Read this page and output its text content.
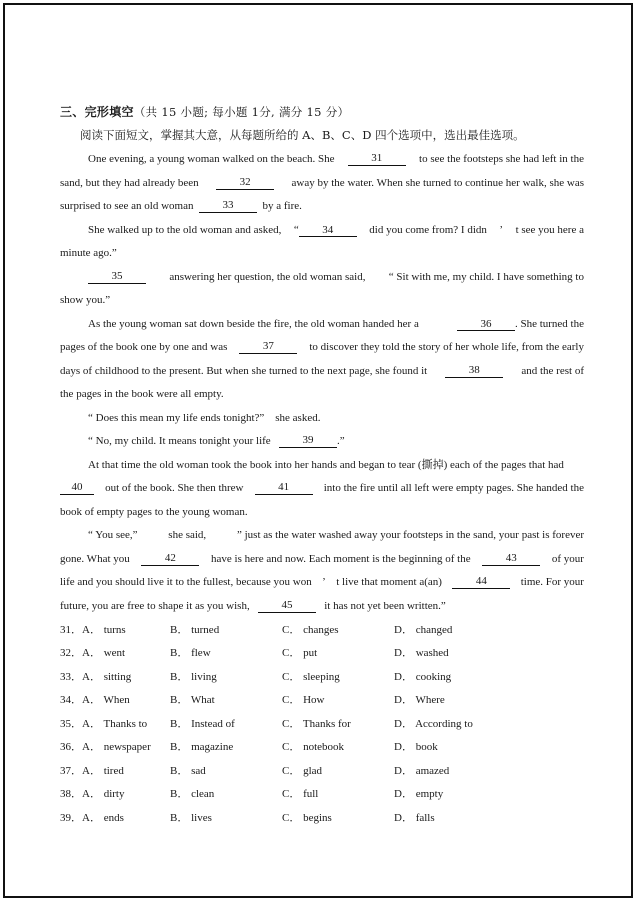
三、完形填空（共 15 小题; 每小题 1分, 满分 15 分）
阅读下面短文，掌握其大意，从每题所给的 A、B、C、D 四个选项中，选出最佳选项。
One evening, a young woman walked on the beach. She	31	to see the footsteps she had left in the
sand, but they had already been	32	away by the water. When she turned to continue her walk, she was
surprised to see an old woman
	33
	by a fire.
She walked up to the old woman and asked, “ 34	did you come from? I didn ’ t see you here a
minute ago.”
35	answering her question, the old woman said, “ Sit with me, my child. I have something to
show you.”
As the young woman sat down beside the fire, the old woman handed her a	36 . She turned the
pages of the book one by one and was	37	to discover they told the story of her whole life, from the early
days of childhood to the present. But when she turned to the next page, she found it	38	and the rest of
the pages in the book were all empty.
“ Does this mean my life ends tonight?”
she asked.
“ No, my child. It means tonight your life
	39	.”
At that time the old woman took the book into her hands and began to tear (撕掉) each of the pages that had
40	out of the book. She then threw	41	into the fire until all left were empty pages. She handed the
book of empty pages to the young woman.
“ You see,”	she said,	” just as the water washed away your footsteps in the sand, your past is forever
gone. What you	42	have is here and now. Each moment is the beginning of the	43	of your
life and you should live it to the fullest, because you won ’ t live that moment a(an)	44	time. For your
future, you are free to shape it as you wish,
	45
	it has not yet been written.”
31． A． turns	B． turned	C． changes	D． changed
32． A． went	B． flew	C． put	D． washed
33． A． sitting	B． living	C． sleeping	D． cooking
34． A． When	B． What	C． How	D． Where
35． A． Thanks to B． Instead of	C． Thanks for	D． According to
36． A． newspaper B． magazine	C． notebook	D． book
37． A． tired	B． sad	C． glad	D． amazed
38． A． dirty	B． clean	C． full	D． empty
39． A． ends	B． lives	C． begins	D． falls
